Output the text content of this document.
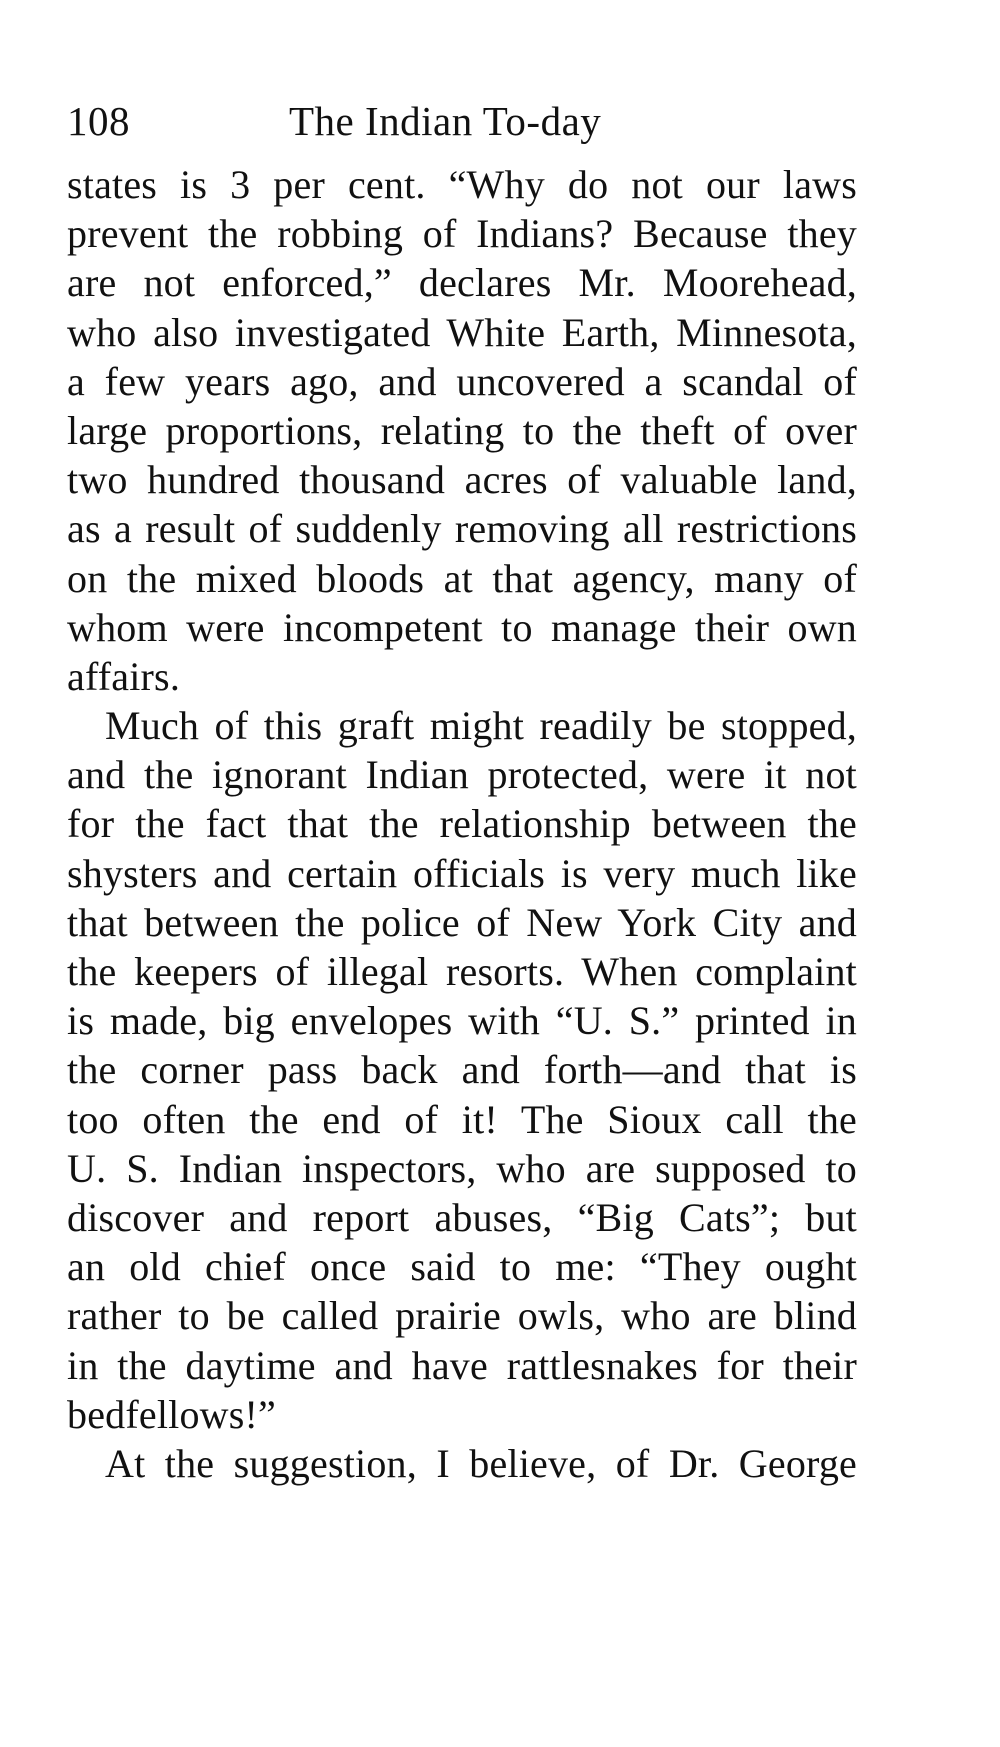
108	The Indian To-day
states is 3 per cent. “Why do not our laws
prevent the robbing of Indians? Because they
are not enforced,” declares Mr. Moorehead,
who also investigated White Earth, Minnesota,
a few years ago, and uncovered a scandal of
large proportions, relating to the theft of over
two hundred thousand acres of valuable land,
as a result of suddenly removing all restrictions
on the mixed bloods at that agency, many of
whom were incompetent to manage their own
affairs.
Much of this graft might readily be stopped,
and the ignorant Indian protected, were it not
for the fact that the relationship between the
shysters and certain officials is very much like
that between the police of New York City and
the keepers of illegal resorts. When complaint
is made, big envelopes with “U. S.” printed in
the corner pass back and forth—and that is
too often the end of it! The Sioux call the
U. S. Indian inspectors, who are supposed to
discover and report abuses, “Big Cats”; but
an old chief once said to me: “They ought
rather to be called prairie owls, who are blind
in the daytime and have rattlesnakes for their
bedfellows!”
At the suggestion, I believe, of Dr. George
